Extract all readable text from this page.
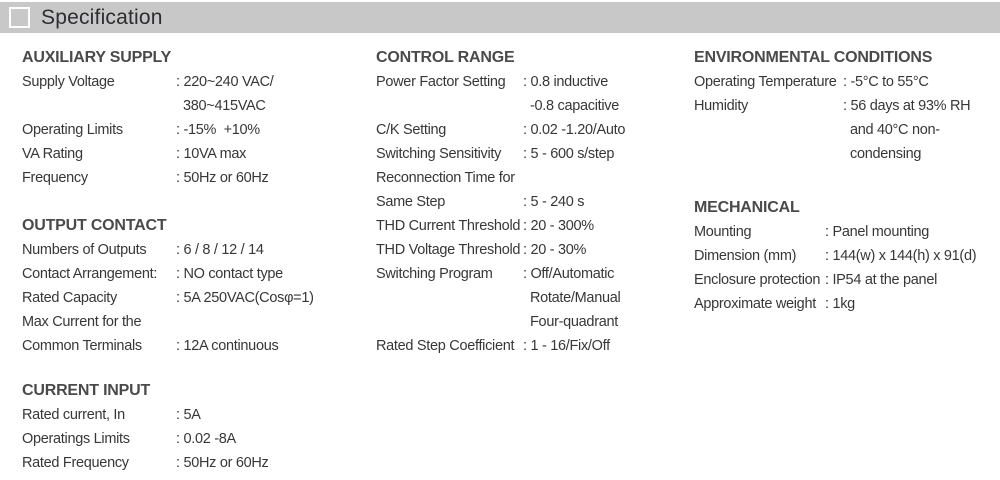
Specification
AUXILIARY SUPPLY
Supply Voltage	: 220~240 VAC/
380~415VAC
Operating Limits	: -15%  +10%
VA Rating	: 10VA max
Frequency	: 50Hz or 60Hz
OUTPUT CONTACT
Numbers of Outputs	: 6 / 8 / 12 / 14
Contact Arrangement:	: NO contact type
Rated Capacity	: 5A 250VAC(Cosφ=1)
Max Current for the
Common Terminals	: 12A continuous
CURRENT INPUT
Rated current, In	: 5A
Operatings Limits	: 0.02 -8A
Rated Frequency	: 50Hz or 60Hz
CONTROL RANGE
Power Factor Setting	: 0.8 inductive
-0.8 capacitive
C/K Setting	: 0.02 -1.20/Auto
Switching Sensitivity	: 5 - 600 s/step
Reconnection Time for
Same Step	: 5 - 240 s
THD Current Threshold : 20 - 300%
THD Voltage Threshold : 20 - 30%
Switching Program	: Off/Automatic
Rotate/Manual
Four-quadrant
Rated Step Coefficient : 1 - 16/Fix/Off
ENVIRONMENTAL CONDITIONS
Operating Temperature : -5°C to 55°C
Humidity	: 56 days at 93% RH
and 40°C non-
condensing
MECHANICAL
Mounting	: Panel mounting
Dimension (mm)	: 144(w) x 144(h) x 91(d)
Enclosure protection : IP54 at the panel
Approximate weight : 1kg
